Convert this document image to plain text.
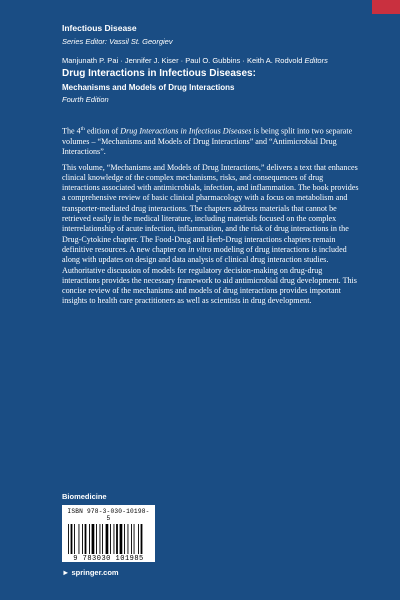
Infectious Disease
Series Editor: Vassil St. Georgiev
Manjunath P. Pai · Jennifer J. Kiser · Paul O. Gubbins · Keith A. Rodvold Editors
Drug Interactions in Infectious Diseases:
Mechanisms and Models of Drug Interactions
Fourth Edition

The 4th edition of Drug Interactions in Infectious Diseases is being split into two separate volumes – “Mechanisms and Models of Drug Interactions” and “Antimicrobial Drug Interactions”.

This volume, “Mechanisms and Models of Drug Interactions,” delivers a text that enhances clinical knowledge of the complex mechanisms, risks, and consequences of drug interactions associated with antimicrobials, infection, and inflammation. The book provides a comprehensive review of basic clinical pharmacology with a focus on metabolism and transporter-mediated drug interactions. The chapters address materials that cannot be retrieved easily in the medical literature, including materials focused on the complex interrelationship of acute infection, inflammation, and the risk of drug interactions in the Drug-Cytokine chapter. The Food-Drug and Herb-Drug interactions chapters remain definitive resources. A new chapter on in vitro modeling of drug interactions is included along with updates on design and data analysis of clinical drug interaction studies. Authoritative discussion of models for regulatory decision-making on drug-drug interactions provides the necessary framework to aid antimicrobial drug development. This concise review of the mechanisms and models of drug interactions provides important insights to health care practitioners as well as scientists in drug development.

Biomedicine
ISBN 978-3-030-10198-5
9 783030 101985
► springer.com
